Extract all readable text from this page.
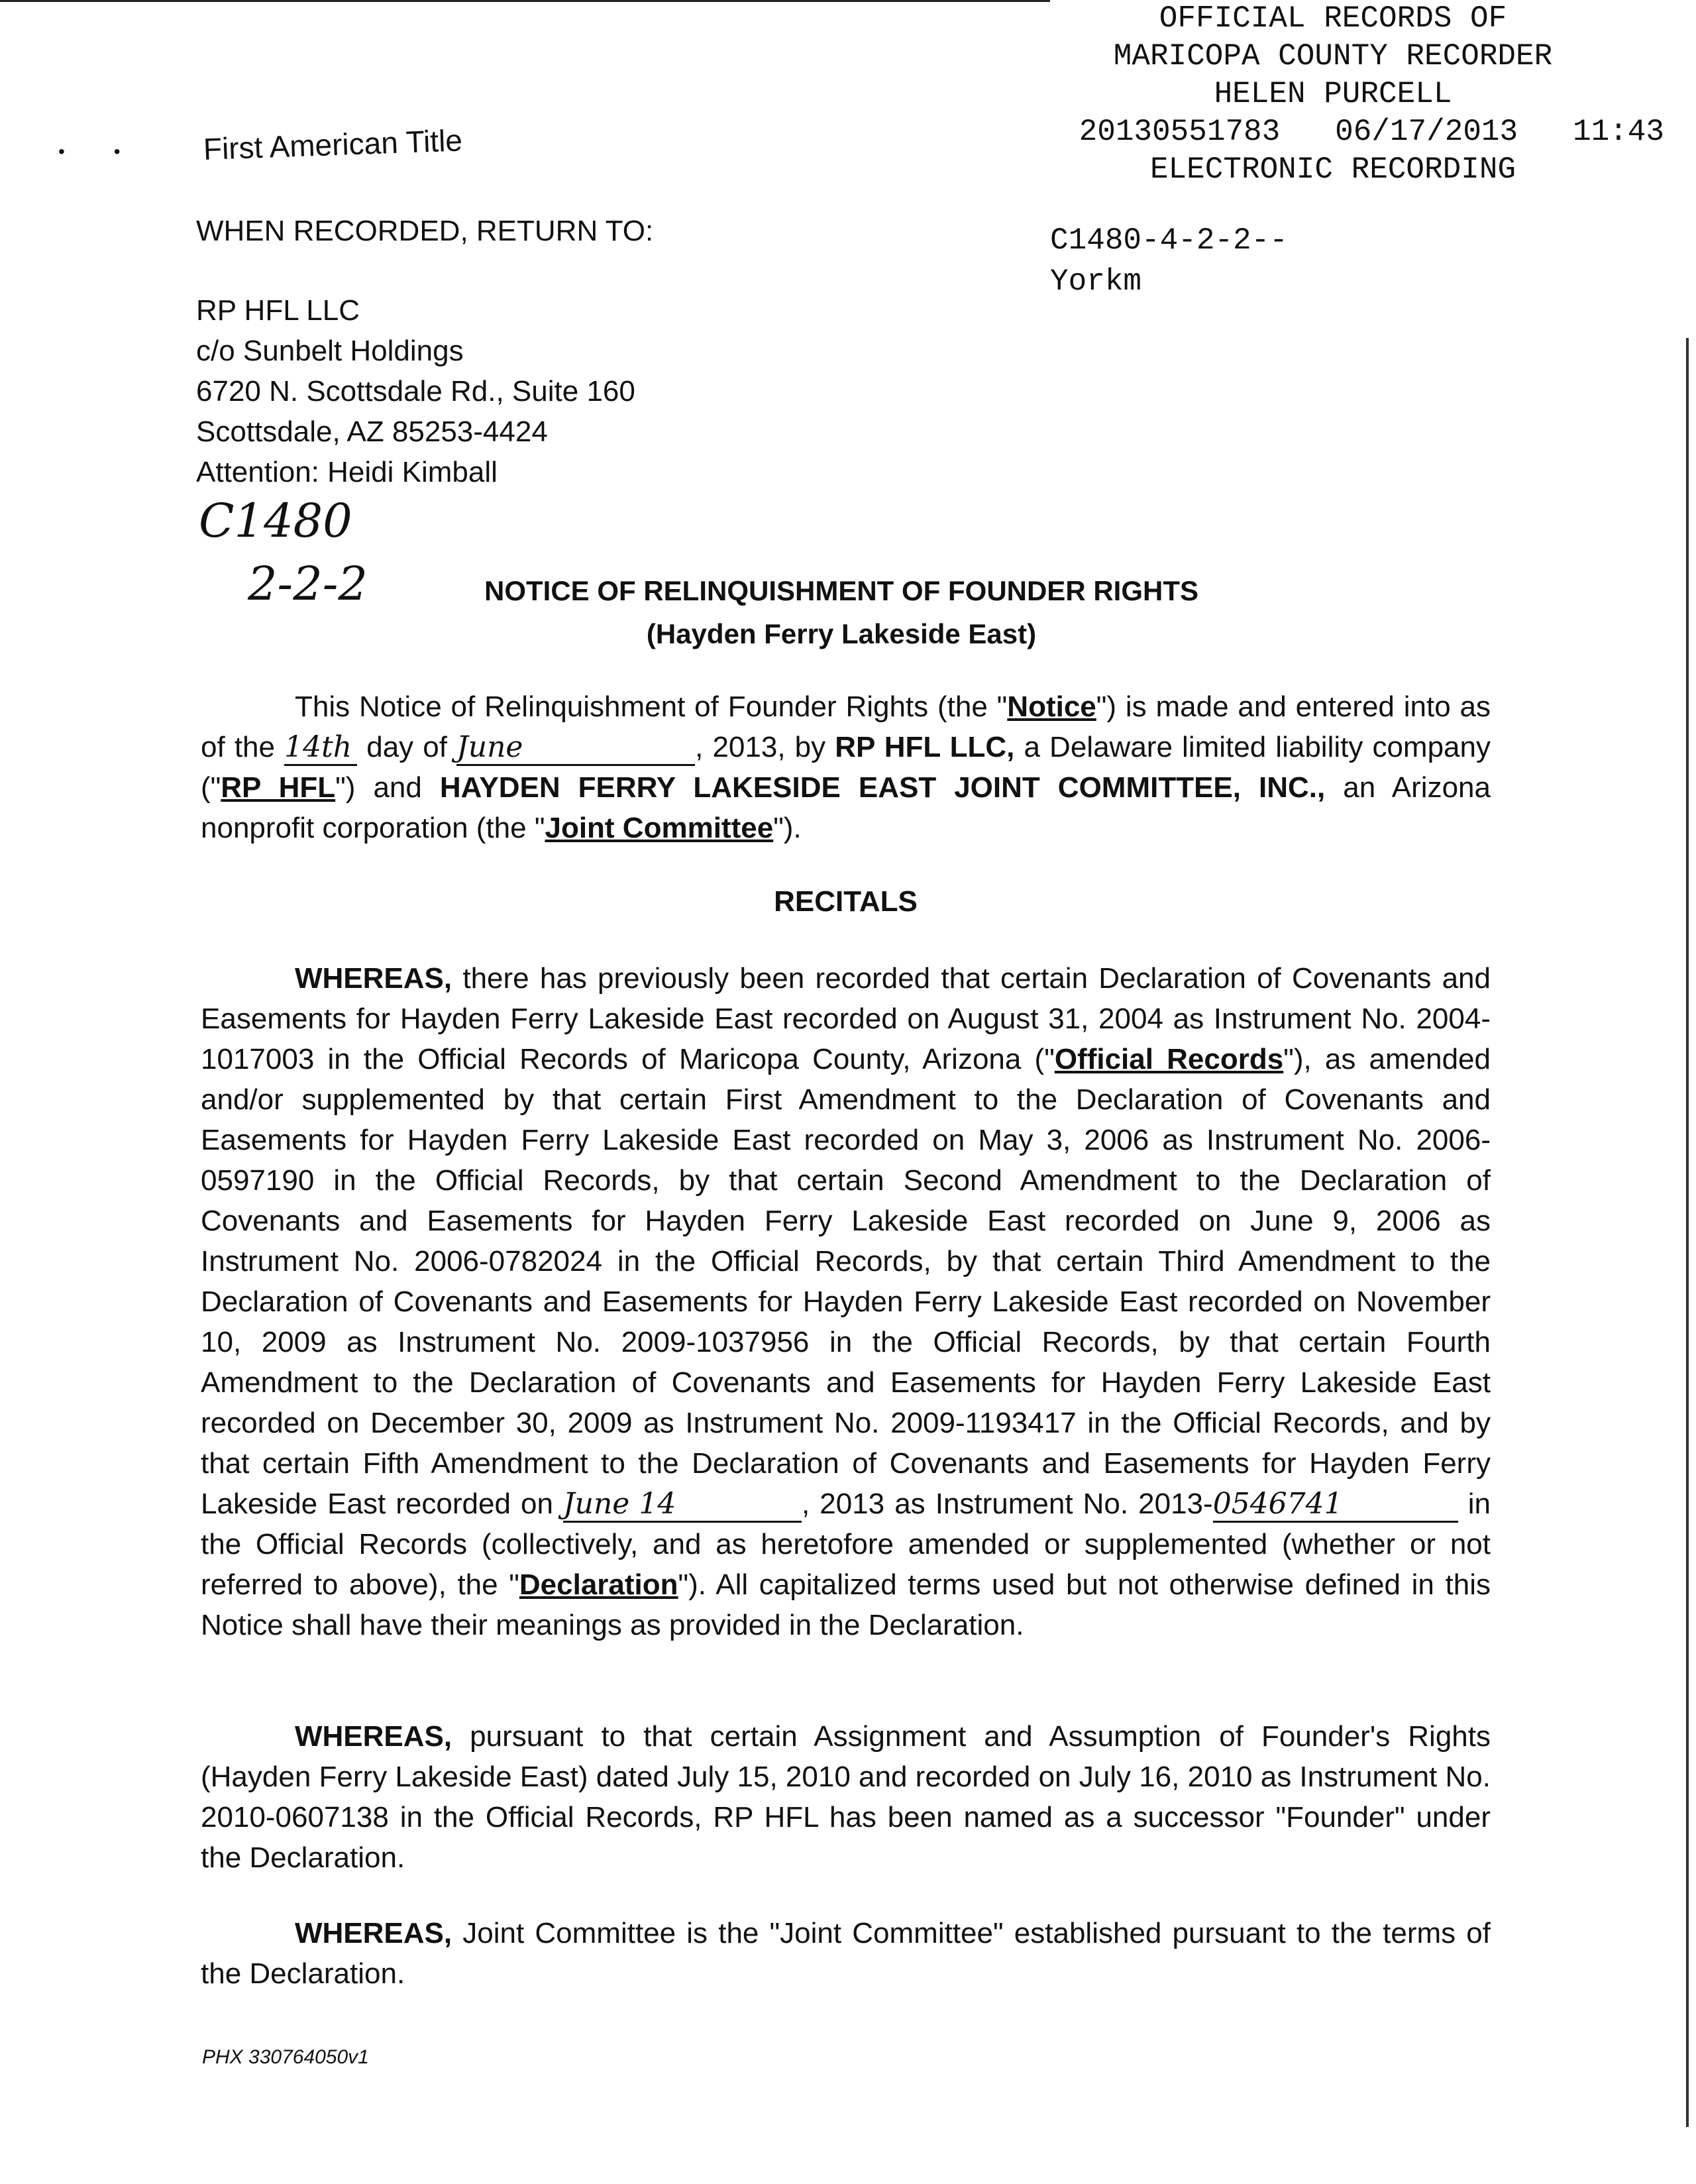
OFFICIAL RECORDS OF
MARICOPA COUNTY RECORDER
HELEN PURCELL
20130551783 06/17/2013 11:43
ELECTRONIC RECORDING
C1480-4-2-2--
Yorkm
•• First American Title
WHEN RECORDED, RETURN TO:
RP HFL LLC
c/o Sunbelt Holdings
6720 N. Scottsdale Rd., Suite 160
Scottsdale, AZ 85253-4424
Attention: Heidi Kimball
C1480
2-2-2	NOTICE OF RELINQUISHMENT OF FOUNDER RIGHTS
(Hayden Ferry Lakeside East)
This Notice of Relinquishment of Founder Rights (the "Notice") is made and entered into as of the 14th day of June	, 2013, by RP HFL LLC, a Delaware limited liability company ("RP HFL") and HAYDEN FERRY LAKESIDE EAST JOINT COMMITTEE, INC., an Arizona nonprofit corporation (the "Joint Committee").
RECITALS
WHEREAS, there has previously been recorded that certain Declaration of Covenants and Easements for Hayden Ferry Lakeside East recorded on August 31, 2004 as Instrument No. 2004-1017003 in the Official Records of Maricopa County, Arizona ("Official Records"), as amended and/or supplemented by that certain First Amendment to the Declaration of Covenants and Easements for Hayden Ferry Lakeside East recorded on May 3, 2006 as Instrument No. 2006-0597190 in the Official Records, by that certain Second Amendment to the Declaration of Covenants and Easements for Hayden Ferry Lakeside East recorded on June 9, 2006 as Instrument No. 2006-0782024 in the Official Records, by that certain Third Amendment to the Declaration of Covenants and Easements for Hayden Ferry Lakeside East recorded on November 10, 2009 as Instrument No. 2009-1037956 in the Official Records, by that certain Fourth Amendment to the Declaration of Covenants and Easements for Hayden Ferry Lakeside East recorded on December 30, 2009 as Instrument No. 2009-1193417 in the Official Records, and by that certain Fifth Amendment to the Declaration of Covenants and Easements for Hayden Ferry Lakeside East recorded on June 14	, 2013 as Instrument No. 2013-0546741	in the Official Records (collectively, and as heretofore amended or supplemented (whether or not referred to above), the "Declaration"). All capitalized terms used but not otherwise defined in this Notice shall have their meanings as provided in the Declaration.
WHEREAS, pursuant to that certain Assignment and Assumption of Founder's Rights (Hayden Ferry Lakeside East) dated July 15, 2010 and recorded on July 16, 2010 as Instrument No. 2010-0607138 in the Official Records, RP HFL has been named as a successor "Founder" under the Declaration.
WHEREAS, Joint Committee is the "Joint Committee" established pursuant to the terms of the Declaration.
PHX 330764050v1
